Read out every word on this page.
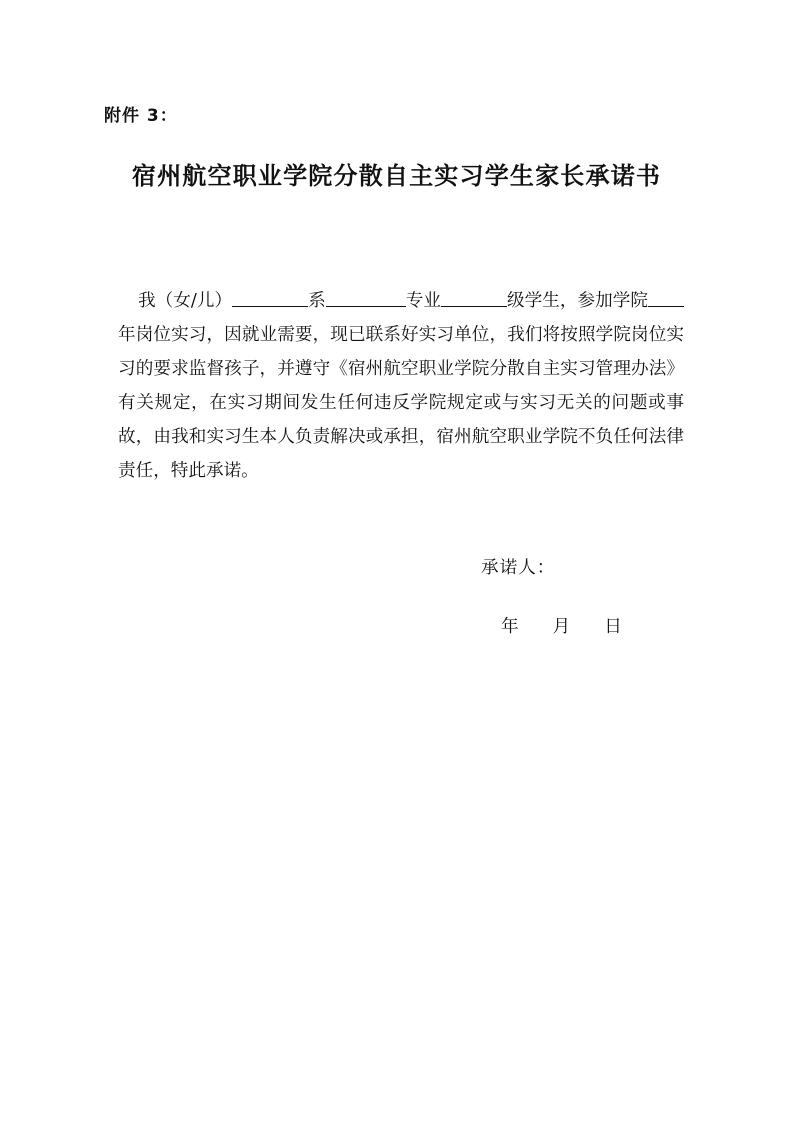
附件 3：
宿州航空职业学院分散自主实习学生家长承诺书

我（女/儿）	系	专业	级学生，参加学院年岗位实习，因就业需要，现已联系好实习单位，我们将按照学院岗位实习的要求监督孩子，并遵守《宿州航空职业学院分散自主实习管理办法》有关规定，在实习期间发生任何违反学院规定或与实习无关的问题或事故，由我和实习生本人负责解决或承担，宿州航空职业学院不负任何法律责任，特此承诺。

承诺人：
年 月 日
